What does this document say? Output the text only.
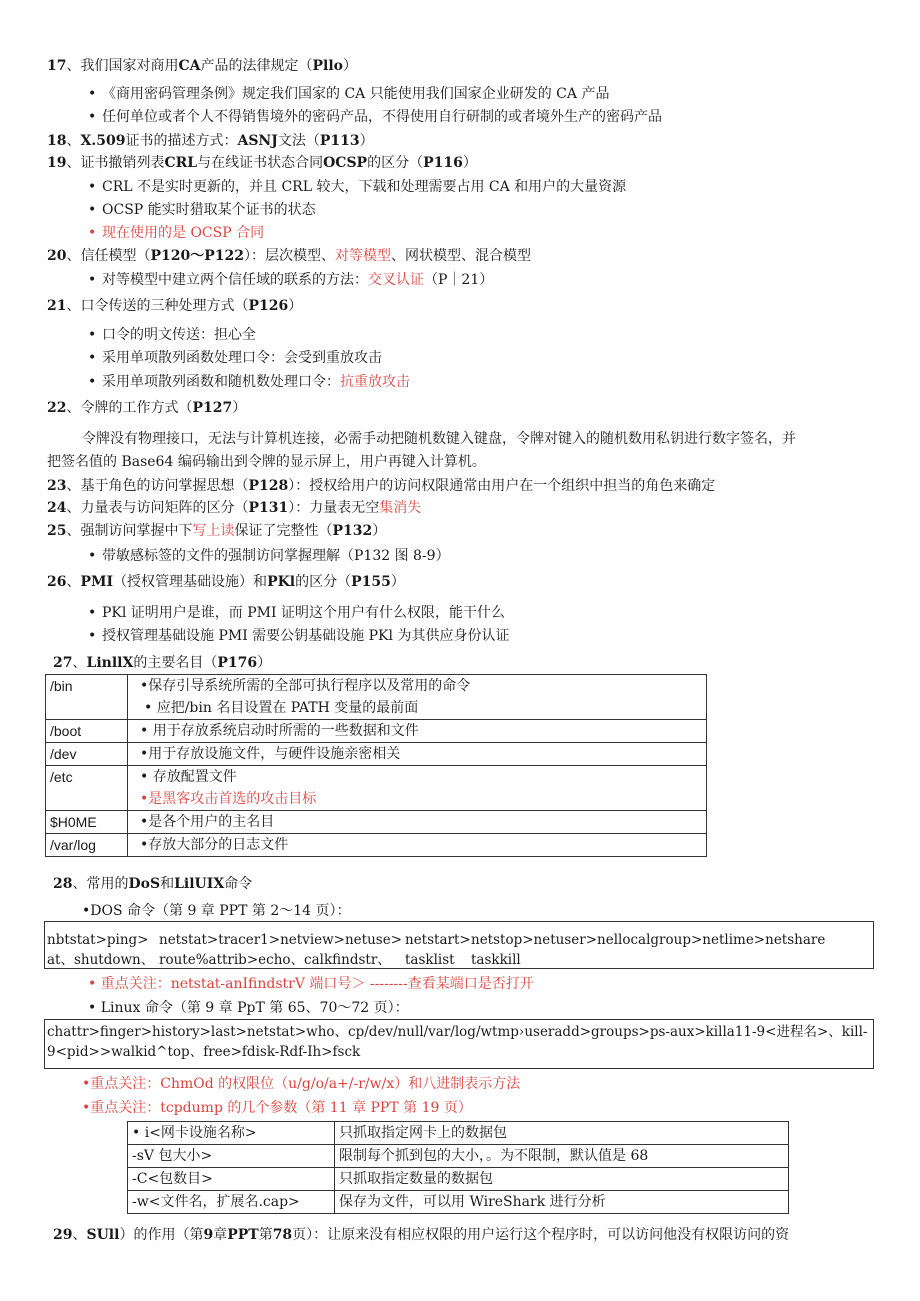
17、我们国家对商用CA产品的法律规定（Pllo）
• 《商用密码管理条例》规定我们国家的 CA 只能使用我们国家企业研发的 CA 产品
• 任何单位或者个人不得销售境外的密码产品，不得使用自行研制的或者境外生产的密码产品
18、X.509证书的描述方式：ASNJ文法（P113）
19、证书撤销列表CRL与在线证书状态合同OCSP的区分（P116）
• CRL 不是实时更新的，并且 CRL 较大，下载和处理需要占用 CA 和用户的大量资源
• OCSP 能实时猎取某个证书的状态
• 现在使用的是 OCSP 合同
20、信任模型（P120～P122）：层次模型、对等模型、网状模型、混合模型
• 对等模型中建立两个信任域的联系的方法：交叉认证（P｜21）
21、口令传送的三种处理方式（P126）
• 口令的明文传送：担心全
• 采用单项散列函数处理口令：会受到重放攻击
• 采用单项散列函数和随机数处理口令：抗重放攻击
22、令牌的工作方式（P127）
令牌没有物理接口，无法与计算机连接，必需手动把随机数键入键盘，令牌对键入的随机数用私钥进行数字签名，并
把签名值的 Base64 编码输出到令牌的显示屏上，用户再键入计算机。
23、基于角色的访问掌握思想（P128）：授权给用户的访问权限通常由用户在一个组织中担当的角色来确定
24、力量表与访问矩阵的区分（P131）：力量表无空集消失
25、强制访问掌握中下写上读保证了完整性（P132）
• 带敏感标签的文件的强制访问掌握理解（P132 图 8-9）
26、PMI（授权管理基础设施）和PKl的区分（P155）
• PKl 证明用户是谁，而 PMI 证明这个用户有什么权限，能干什么
• 授权管理基础设施 PMI 需要公钥基础设施 PKl 为其供应身份认证
27、LinllX的主要名目（P176）
/bin	•保存引导系统所需的全部可执行程序以及常用的命令
• 应把/bin 名目设置在 PATH 变量的最前面

/boot	• 用于存放系统启动时所需的一些数据和文件

/dev	•用于存放设施文件，与硬件设施亲密相关

/etc	• 存放配置文件
•是黑客攻击首选的攻击目标

$H0ME	•是各个用户的主名目

/var/log	•存放大部分的日志文件
28、常用的DoS和LilUIX命令
•DOS 命令（第 9 章 PPT 第 2～14 页）：
nbtstat>ping> netstat>tracer1>netview>netuse> netstart> netstop>netuser>nellocalgroup>netlime>netshare
at、shutdown、 route%attrib>echo、calkfindstr、 tasklist taskkill
• 重点关注：netstat-anIfindstrV 端口号＞ --------查看某端口是否打开
• Linux 命令（第 9 章 PpT 第 65、70～72 页）：
chattr>finger>history>last>netstat>who、cp/dev/null/var/log/wtmp›useradd>groups>ps-aux>killa11-9<进程名>、kill-
9<pid>>walkid^top、free>fdisk-Rdf-Ih>fsck
•重点关注：ChmOd 的权限位（u/g/o/a+/-r/w/x）和八进制表示方法
•重点关注：tcpdump 的几个参数（第 11 章 PPT 第 19 页）
• i<网卡设施名称>	只抓取指定网卡上的数据包
-sV 包大小>	限制每个抓到包的大小，。为不限制，默认值是 68
-C<包数目>	只抓取指定数量的数据包
-w<文件名，扩展名.cap>	保存为文件，可以用 WireShark 进行分析
29、SUll）的作用（第9章PPT第78页）：让原来没有相应权限的用户运行这个程序时，可以访问他没有权限访问的资
